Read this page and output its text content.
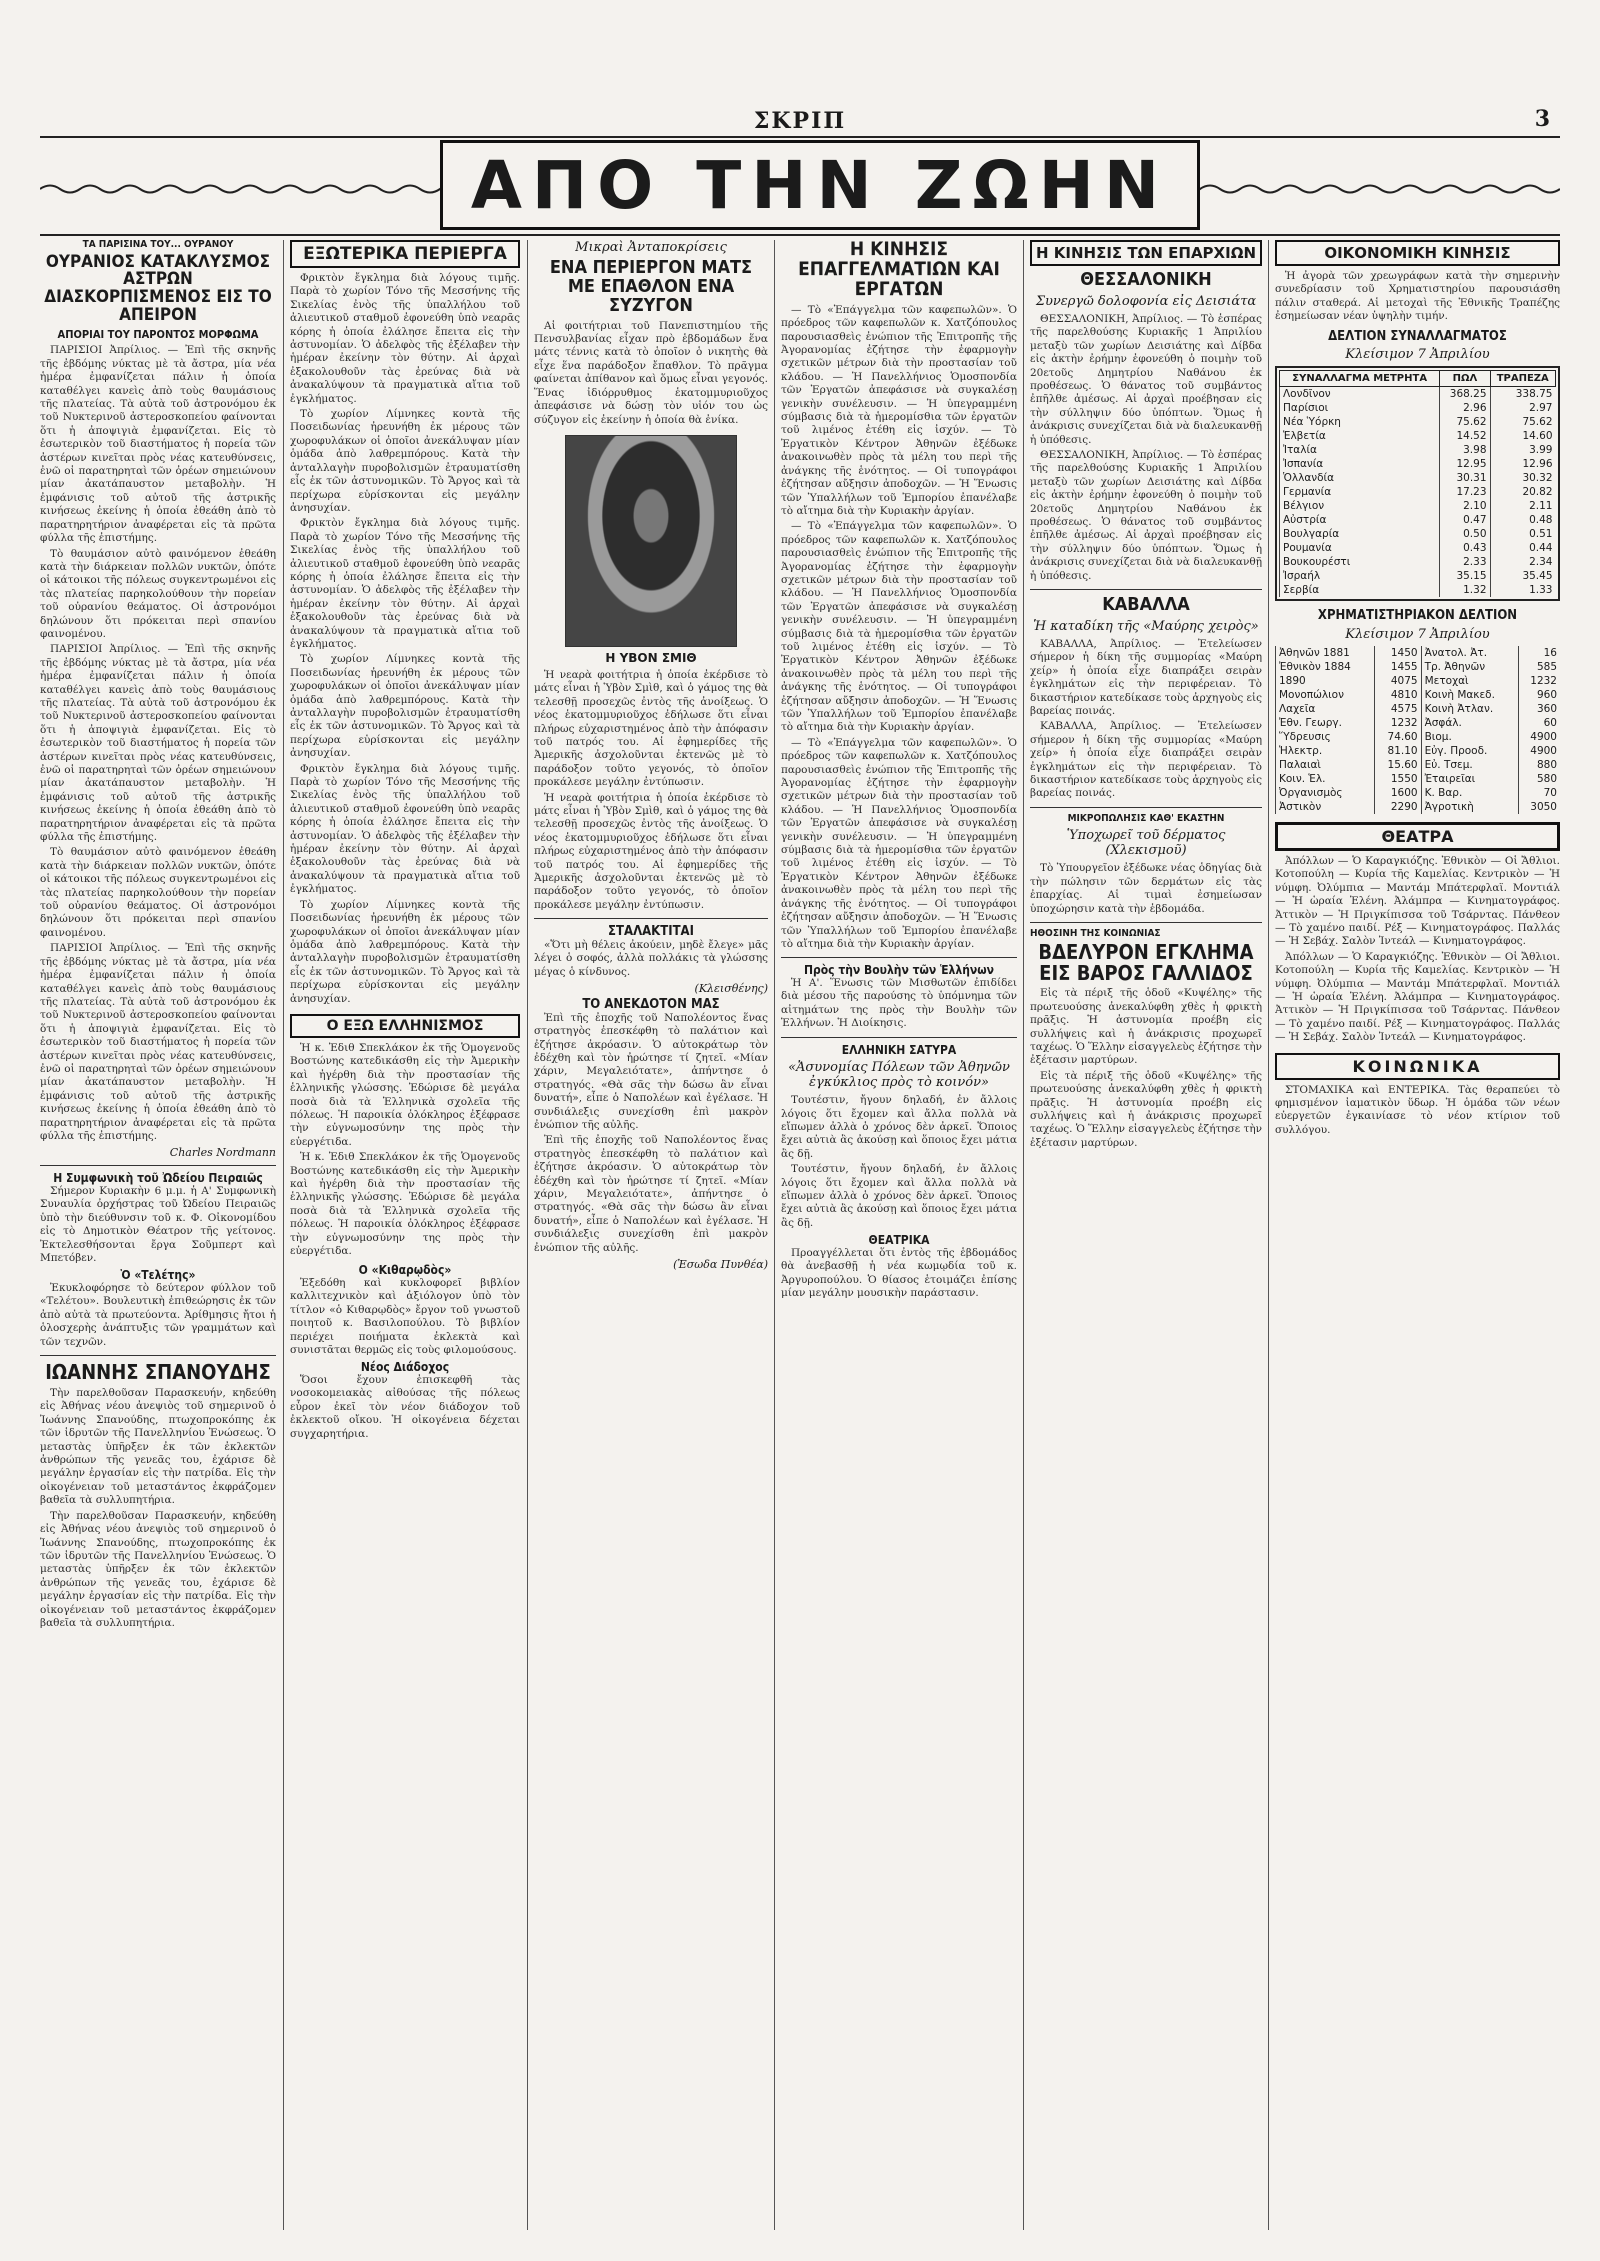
ΣΚΡΙΠ	3
ΑΠΟ ΤΗΝ ΖΩΗΝ
ΤΑ ΠΑΡΙΣΙΝΑ ΤΟΥ... ΟΥΡΑΝΟΥ
ΟΥΡΑΝΙΟΣ ΚΑΤΑΚΛΥΣΜΟΣ ΑΣΤΡΩΝ ΔΙΑΣΚΟΡΠΙΣΜΕΝΟΣ ΕΙΣ ΤΟ ΑΠΕΙΡΟΝ
ΑΠΟΡΙΑΙ ΤΟΥ ΠΑΡΟΝΤΟΣ ΜΟΡΦΩΜΑ

ΠΑΡΙΣΙΟΙ Ἀπρίλιος. — Ἐπὶ τῆς σκηνῆς τῆς ἐβδόμης νύκτας μὲ τὰ ἄστρα, μία νέα ἡμέρα ἐμφανίζεται πάλιν ἡ ὁποία καταθέλγει κανεὶς ἀπὸ τοὺς θαυμάσιους τῆς πλατείας. Τὰ αὐτὰ τοῦ ἀστρονόμου ἐκ τοῦ Νυκτερινοῦ ἀστεροσκοπείου φαίνονται ὅτι ἡ ἀποψιγιὰ ἐμφανίζεται. Εἰς τὸ ἐσωτερικὸν τοῦ διαστήματος ἡ πορεία τῶν ἀστέρων κινεῖται πρὸς νέας κατευθύνσεις, ἐνῶ οἱ παρατηρηταὶ τῶν ὀρέων σημειώνουν μίαν ἀκατάπαυστον μεταβολὴν. Ἡ ἐμφάνισις τοῦ αὐτοῦ τῆς ἁστρικῆς κινήσεως ἐκείνης ἡ ὁποία ἐθεάθη ἀπὸ τὸ παρατηρητήριον ἀναφέρεται εἰς τὰ πρῶτα φύλλα τῆς ἐπιστήμης.

Τὸ θαυμάσιον αὐτὸ φαινόμενον ἐθεάθη κατὰ τὴν διάρκειαν πολλῶν νυκτῶν, ὁπότε οἱ κάτοικοι τῆς πόλεως συγκεντρωμένοι εἰς τὰς πλατείας παρηκολούθουν τὴν πορείαν τοῦ οὐρανίου θεάματος. Οἱ ἀστρονόμοι δηλώνουν ὅτι πρόκειται περὶ σπανίου φαινομένου.

ΠΑΡΙΣΙΟΙ Ἀπρίλιος. — Ἐπὶ τῆς σκηνῆς τῆς ἐβδόμης νύκτας μὲ τὰ ἄστρα, μία νέα ἡμέρα ἐμφανίζεται πάλιν ἡ ὁποία καταθέλγει κανεὶς ἀπὸ τοὺς θαυμάσιους τῆς πλατείας. Τὰ αὐτὰ τοῦ ἀστρονόμου ἐκ τοῦ Νυκτερινοῦ ἀστεροσκοπείου φαίνονται ὅτι ἡ ἀποψιγιὰ ἐμφανίζεται. Εἰς τὸ ἐσωτερικὸν τοῦ διαστήματος ἡ πορεία τῶν ἀστέρων κινεῖται πρὸς νέας κατευθύνσεις, ἐνῶ οἱ παρατηρηταὶ τῶν ὀρέων σημειώνουν μίαν ἀκατάπαυστον μεταβολὴν. Ἡ ἐμφάνισις τοῦ αὐτοῦ τῆς ἁστρικῆς κινήσεως ἐκείνης ἡ ὁποία ἐθεάθη ἀπὸ τὸ παρατηρητήριον ἀναφέρεται εἰς τὰ πρῶτα φύλλα τῆς ἐπιστήμης.

Τὸ θαυμάσιον αὐτὸ φαινόμενον ἐθεάθη κατὰ τὴν διάρκειαν πολλῶν νυκτῶν, ὁπότε οἱ κάτοικοι τῆς πόλεως συγκεντρωμένοι εἰς τὰς πλατείας παρηκολούθουν τὴν πορείαν τοῦ οὐρανίου θεάματος. Οἱ ἀστρονόμοι δηλώνουν ὅτι πρόκειται περὶ σπανίου φαινομένου.

ΠΑΡΙΣΙΟΙ Ἀπρίλιος. — Ἐπὶ τῆς σκηνῆς τῆς ἐβδόμης νύκτας μὲ τὰ ἄστρα, μία νέα ἡμέρα ἐμφανίζεται πάλιν ἡ ὁποία καταθέλγει κανεὶς ἀπὸ τοὺς θαυμάσιους τῆς πλατείας. Τὰ αὐτὰ τοῦ ἀστρονόμου ἐκ τοῦ Νυκτερινοῦ ἀστεροσκοπείου φαίνονται ὅτι ἡ ἀποψιγιὰ ἐμφανίζεται. Εἰς τὸ ἐσωτερικὸν τοῦ διαστήματος ἡ πορεία τῶν ἀστέρων κινεῖται πρὸς νέας κατευθύνσεις, ἐνῶ οἱ παρατηρηταὶ τῶν ὀρέων σημειώνουν μίαν ἀκατάπαυστον μεταβολὴν. Ἡ ἐμφάνισις τοῦ αὐτοῦ τῆς ἁστρικῆς κινήσεως ἐκείνης ἡ ὁποία ἐθεάθη ἀπὸ τὸ παρατηρητήριον ἀναφέρεται εἰς τὰ πρῶτα φύλλα τῆς ἐπιστήμης.

Charles Nordmann
Η Συμφωνικὴ τοῦ Ὠδείου Πειραιῶς

Σήμερον Κυριακὴν 6 μ.μ. ἡ Α' Συμφωνικὴ Συναυλία ὀρχήστρας τοῦ Ὠδείου Πειραιῶς ὑπὸ τὴν διεύθυνσιν τοῦ κ. Φ. Οἰκονομίδου εἰς τὸ Δημοτικὸν Θέατρον τῆς γείτονος. Ἐκτελεσθήσονται ἔργα Σοῦμπερτ καὶ Μπετόβεν.

Ὁ «Τελέτης»

Ἐκυκλοφόρησε τὸ δεύτερον φύλλον τοῦ «Τελέτου». Βουλευτικὴ ἐπιθεώρησις ἐκ τῶν ἀπὸ αὐτὰ τὰ πρωτεύοντα. Ἀρίθμησις ἤτοι ἡ ὁλοσχερὴς ἀνάπτυξις τῶν γραμμάτων καὶ τῶν τεχνῶν.

ΙΩΑΝΝΗΣ ΣΠΑΝΟΥΔΗΣ

Τὴν παρελθοῦσαν Παρασκευήν, κηδεύθη εἰς Ἀθήνας νέου ἀνεψιὸς τοῦ σημερινοῦ ὁ Ἰωάννης Σπανούδης, πτωχοπροκόπης ἐκ τῶν ἱδρυτῶν τῆς Πανελληνίου Ἑνώσεως. Ὁ μεταστὰς ὑπῆρξεν ἐκ τῶν ἐκλεκτῶν ἀνθρώπων τῆς γενεᾶς του, ἐχάρισε δὲ μεγάλην ἐργασίαν εἰς τὴν πατρίδα. Εἰς τὴν οἰκογένειαν τοῦ μεταστάντος ἐκφράζομεν βαθεῖα τὰ συλλυπητήρια.

Τὴν παρελθοῦσαν Παρασκευήν, κηδεύθη εἰς Ἀθήνας νέου ἀνεψιὸς τοῦ σημερινοῦ ὁ Ἰωάννης Σπανούδης, πτωχοπροκόπης ἐκ τῶν ἱδρυτῶν τῆς Πανελληνίου Ἑνώσεως. Ὁ μεταστὰς ὑπῆρξεν ἐκ τῶν ἐκλεκτῶν ἀνθρώπων τῆς γενεᾶς του, ἐχάρισε δὲ μεγάλην ἐργασίαν εἰς τὴν πατρίδα. Εἰς τὴν οἰκογένειαν τοῦ μεταστάντος ἐκφράζομεν βαθεῖα τὰ συλλυπητήρια.

ΕΞΩΤΕΡΙΚΑ ΠΕΡΙΕΡΓΑ

Φρικτὸν ἔγκλημα διὰ λόγους τιμῆς. Παρὰ τὸ χωρίον Τόνο τῆς Μεσσήνης τῆς Σικελίας ἐνὸς τῆς ὑπαλλήλου τοῦ ἀλιευτικοῦ σταθμοῦ ἐφονεύθη ὑπὸ νεαρᾶς κόρης ἡ ὁποία ἐλάλησε ἔπειτα εἰς τὴν ἀστυνομίαν. Ὁ ἀδελφὸς τῆς ἐξέλαβεν τὴν ἡμέραν ἐκείνην τὸν θύτην. Αἱ ἀρχαὶ ἐξακολουθοῦν τὰς ἐρεύνας διὰ νὰ ἀνακαλύψουν τὰ πραγματικὰ αἴτια τοῦ ἐγκλήματος.

Τὸ χωρίον Λίμνηκες κοντὰ τῆς Ποσειδωνίας ἠρευνήθη ἐκ μέρους τῶν χωροφυλάκων οἱ ὁποῖοι ἀνεκάλυψαν μίαν ὁμάδα ἀπὸ λαθρεμπόρους. Κατὰ τὴν ἀνταλλαγὴν πυροβολισμῶν ἐτραυματίσθη εἷς ἐκ τῶν ἀστυνομικῶν. Τὸ Ἄργος καὶ τὰ περίχωρα εὑρίσκονται εἰς μεγάλην ἀνησυχίαν.

Φρικτὸν ἔγκλημα διὰ λόγους τιμῆς. Παρὰ τὸ χωρίον Τόνο τῆς Μεσσήνης τῆς Σικελίας ἐνὸς τῆς ὑπαλλήλου τοῦ ἀλιευτικοῦ σταθμοῦ ἐφονεύθη ὑπὸ νεαρᾶς κόρης ἡ ὁποία ἐλάλησε ἔπειτα εἰς τὴν ἀστυνομίαν. Ὁ ἀδελφὸς τῆς ἐξέλαβεν τὴν ἡμέραν ἐκείνην τὸν θύτην. Αἱ ἀρχαὶ ἐξακολουθοῦν τὰς ἐρεύνας διὰ νὰ ἀνακαλύψουν τὰ πραγματικὰ αἴτια τοῦ ἐγκλήματος.

Τὸ χωρίον Λίμνηκες κοντὰ τῆς Ποσειδωνίας ἠρευνήθη ἐκ μέρους τῶν χωροφυλάκων οἱ ὁποῖοι ἀνεκάλυψαν μίαν ὁμάδα ἀπὸ λαθρεμπόρους. Κατὰ τὴν ἀνταλλαγὴν πυροβολισμῶν ἐτραυματίσθη εἷς ἐκ τῶν ἀστυνομικῶν. Τὸ Ἄργος καὶ τὰ περίχωρα εὑρίσκονται εἰς μεγάλην ἀνησυχίαν.

Φρικτὸν ἔγκλημα διὰ λόγους τιμῆς. Παρὰ τὸ χωρίον Τόνο τῆς Μεσσήνης τῆς Σικελίας ἐνὸς τῆς ὑπαλλήλου τοῦ ἀλιευτικοῦ σταθμοῦ ἐφονεύθη ὑπὸ νεαρᾶς κόρης ἡ ὁποία ἐλάλησε ἔπειτα εἰς τὴν ἀστυνομίαν. Ὁ ἀδελφὸς τῆς ἐξέλαβεν τὴν ἡμέραν ἐκείνην τὸν θύτην. Αἱ ἀρχαὶ ἐξακολουθοῦν τὰς ἐρεύνας διὰ νὰ ἀνακαλύψουν τὰ πραγματικὰ αἴτια τοῦ ἐγκλήματος.

Τὸ χωρίον Λίμνηκες κοντὰ τῆς Ποσειδωνίας ἠρευνήθη ἐκ μέρους τῶν χωροφυλάκων οἱ ὁποῖοι ἀνεκάλυψαν μίαν ὁμάδα ἀπὸ λαθρεμπόρους. Κατὰ τὴν ἀνταλλαγὴν πυροβολισμῶν ἐτραυματίσθη εἷς ἐκ τῶν ἀστυνομικῶν. Τὸ Ἄργος καὶ τὰ περίχωρα εὑρίσκονται εἰς μεγάλην ἀνησυχίαν.

Ο ΕΞΩ ΕΛΛΗΝΙΣΜΟΣ

Ἡ κ. Ἐδιθ Σπεκλάκον ἐκ τῆς Ὁμογενοῦς Βοστώνης κατεδικάσθη εἰς τὴν Ἀμερικὴν καὶ ἠγέρθη διὰ τὴν προστασίαν τῆς ἑλληνικῆς γλώσσης. Ἐδώρισε δὲ μεγάλα ποσὰ διὰ τὰ Ἑλληνικὰ σχολεῖα τῆς πόλεως. Ἡ παροικία ὁλόκληρος ἐξέφρασε τὴν εὐγνωμοσύνην της πρὸς τὴν εὐεργέτιδα.

Ἡ κ. Ἐδιθ Σπεκλάκον ἐκ τῆς Ὁμογενοῦς Βοστώνης κατεδικάσθη εἰς τὴν Ἀμερικὴν καὶ ἠγέρθη διὰ τὴν προστασίαν τῆς ἑλληνικῆς γλώσσης. Ἐδώρισε δὲ μεγάλα ποσὰ διὰ τὰ Ἑλληνικὰ σχολεῖα τῆς πόλεως. Ἡ παροικία ὁλόκληρος ἐξέφρασε τὴν εὐγνωμοσύνην της πρὸς τὴν εὐεργέτιδα.

Ο «Κιθαρῳδὸς»

Ἐξεδόθη καὶ κυκλοφορεῖ βιβλίον καλλιτεχνικὸν καὶ ἀξιόλογον ὑπὸ τὸν τίτλον «ὁ Κιθαρῳδὸς» ἔργον τοῦ γνωστοῦ ποιητοῦ κ. Βασιλοπούλου. Τὸ βιβλίον περιέχει ποιήματα ἐκλεκτὰ καὶ συνιστᾶται θερμῶς εἰς τοὺς φιλομούσους.

Νέος Διάδοχος

Ὅσοι ἔχουν ἐπισκεφθῆ τὰς νοσοκομειακὰς αἰθούσας τῆς πόλεως εὗρον ἐκεῖ τὸν νέον διάδοχον τοῦ ἐκλεκτοῦ οἴκου. Ἡ οἰκογένεια δέχεται συγχαρητήρια.

Μικραὶ Ἀνταποκρίσεις
ΕΝΑ ΠΕΡΙΕΡΓΟΝ ΜΑΤΣ ΜΕ ΕΠΑΘΛΟΝ ΕΝΑ ΣΥΖΥΓΟΝ

Αἱ φοιτήτριαι τοῦ Πανεπιστημίου τῆς Πενσυλβανίας εἶχαν πρὸ ἑβδομάδων ἕνα μάτς τέννις κατὰ τὸ ὁποῖον ὁ νικητὴς θὰ εἶχε ἕνα παράδοξον ἔπαθλον. Τὸ πρᾶγμα φαίνεται ἀπίθανον καὶ ὅμως εἶναι γεγονός. Ἕνας ἰδιόρρυθμος ἑκατομμυριοῦχος ἀπεφάσισε νὰ δώσῃ τὸν υἱόν του ὡς σύζυγον εἰς ἐκείνην ἡ ὁποία θὰ ἐνίκα.

Η ΥΒΟΝ ΣΜΙΘ

Ἡ νεαρὰ φοιτήτρια ἡ ὁποία ἐκέρδισε τὸ μάτς εἶναι ἡ Ὑβὸν Σμὶθ, καὶ ὁ γάμος της θὰ τελεσθῇ προσεχῶς ἐντὸς τῆς ἀνοίξεως. Ὁ νέος ἑκατομμυριοῦχος ἐδήλωσε ὅτι εἶναι πλήρως εὐχαριστημένος ἀπὸ τὴν ἀπόφασιν τοῦ πατρός του. Αἱ ἐφημερίδες τῆς Ἀμερικῆς ἀσχολοῦνται ἐκτενῶς μὲ τὸ παράδοξον τοῦτο γεγονός, τὸ ὁποῖον προκάλεσε μεγάλην ἐντύπωσιν.

Ἡ νεαρὰ φοιτήτρια ἡ ὁποία ἐκέρδισε τὸ μάτς εἶναι ἡ Ὑβὸν Σμὶθ, καὶ ὁ γάμος της θὰ τελεσθῇ προσεχῶς ἐντὸς τῆς ἀνοίξεως. Ὁ νέος ἑκατομμυριοῦχος ἐδήλωσε ὅτι εἶναι πλήρως εὐχαριστημένος ἀπὸ τὴν ἀπόφασιν τοῦ πατρός του. Αἱ ἐφημερίδες τῆς Ἀμερικῆς ἀσχολοῦνται ἐκτενῶς μὲ τὸ παράδοξον τοῦτο γεγονός, τὸ ὁποῖον προκάλεσε μεγάλην ἐντύπωσιν.

ΣΤΑΛΑΚΤΙΤΑΙ

«Ὅτι μὴ θέλεις ἀκούειν, μηδὲ ἔλεγε» μᾶς λέγει ὁ σοφός, ἀλλὰ πολλάκις τὰ γλώσσης μέγας ὁ κίνδυνος.

(Κλεισθένης)
ΤΟ ΑΝΕΚΔΟΤΟΝ ΜΑΣ

Ἐπὶ τῆς ἐποχῆς τοῦ Ναπολέοντος ἕνας στρατηγὸς ἐπεσκέφθη τὸ παλάτιον καὶ ἐζήτησε ἀκρόασιν. Ὁ αὐτοκράτωρ τὸν ἐδέχθη καὶ τὸν ἠρώτησε τί ζητεῖ. «Μίαν χάριν, Μεγαλειότατε», ἀπήντησε ὁ στρατηγός. «Θὰ σᾶς τὴν δώσω ἂν εἶναι δυνατή», εἶπε ὁ Ναπολέων καὶ ἐγέλασε. Ἡ συνδιάλεξις συνεχίσθη ἐπὶ μακρὸν ἐνώπιον τῆς αὐλῆς.

Ἐπὶ τῆς ἐποχῆς τοῦ Ναπολέοντος ἕνας στρατηγὸς ἐπεσκέφθη τὸ παλάτιον καὶ ἐζήτησε ἀκρόασιν. Ὁ αὐτοκράτωρ τὸν ἐδέχθη καὶ τὸν ἠρώτησε τί ζητεῖ. «Μίαν χάριν, Μεγαλειότατε», ἀπήντησε ὁ στρατηγός. «Θὰ σᾶς τὴν δώσω ἂν εἶναι δυνατή», εἶπε ὁ Ναπολέων καὶ ἐγέλασε. Ἡ συνδιάλεξις συνεχίσθη ἐπὶ μακρὸν ἐνώπιον τῆς αὐλῆς.

(Ἐσωδα Πυνθέα)
Η ΚΙΝΗΣΙΣ ΕΠΑΓΓΕΛΜΑΤΙΩΝ ΚΑΙ ΕΡΓΑΤΩΝ

— Τὸ «Ἐπάγγελμα τῶν καφεπωλῶν». Ὁ πρόεδρος τῶν καφεπωλῶν κ. Χατζόπουλος παρουσιασθεὶς ἐνώπιον τῆς Ἐπιτροπῆς τῆς Ἀγορανομίας ἐζήτησε τὴν ἐφαρμογὴν σχετικῶν μέτρων διὰ τὴν προστασίαν τοῦ κλάδου. — Ἡ Πανελλήνιος Ὁμοσπονδία τῶν Ἐργατῶν ἀπεφάσισε νὰ συγκαλέσῃ γενικὴν συνέλευσιν. — Ἡ ὑπεγραμμένη σύμβασις διὰ τὰ ἡμερομίσθια τῶν ἐργατῶν τοῦ λιμένος ἐτέθη εἰς ἰσχύν. — Τὸ Ἐργατικὸν Κέντρον Ἀθηνῶν ἐξέδωκε ἀνακοινωθὲν πρὸς τὰ μέλη του περὶ τῆς ἀνάγκης τῆς ἑνότητος. — Οἱ τυπογράφοι ἐζήτησαν αὔξησιν ἀποδοχῶν. — Ἡ Ἕνωσις τῶν Ὑπαλλήλων τοῦ Ἐμπορίου ἐπανέλαβε τὸ αἴτημα διὰ τὴν Κυριακὴν ἀργίαν.

— Τὸ «Ἐπάγγελμα τῶν καφεπωλῶν». Ὁ πρόεδρος τῶν καφεπωλῶν κ. Χατζόπουλος παρουσιασθεὶς ἐνώπιον τῆς Ἐπιτροπῆς τῆς Ἀγορανομίας ἐζήτησε τὴν ἐφαρμογὴν σχετικῶν μέτρων διὰ τὴν προστασίαν τοῦ κλάδου. — Ἡ Πανελλήνιος Ὁμοσπονδία τῶν Ἐργατῶν ἀπεφάσισε νὰ συγκαλέσῃ γενικὴν συνέλευσιν. — Ἡ ὑπεγραμμένη σύμβασις διὰ τὰ ἡμερομίσθια τῶν ἐργατῶν τοῦ λιμένος ἐτέθη εἰς ἰσχύν. — Τὸ Ἐργατικὸν Κέντρον Ἀθηνῶν ἐξέδωκε ἀνακοινωθὲν πρὸς τὰ μέλη του περὶ τῆς ἀνάγκης τῆς ἑνότητος. — Οἱ τυπογράφοι ἐζήτησαν αὔξησιν ἀποδοχῶν. — Ἡ Ἕνωσις τῶν Ὑπαλλήλων τοῦ Ἐμπορίου ἐπανέλαβε τὸ αἴτημα διὰ τὴν Κυριακὴν ἀργίαν.

— Τὸ «Ἐπάγγελμα τῶν καφεπωλῶν». Ὁ πρόεδρος τῶν καφεπωλῶν κ. Χατζόπουλος παρουσιασθεὶς ἐνώπιον τῆς Ἐπιτροπῆς τῆς Ἀγορανομίας ἐζήτησε τὴν ἐφαρμογὴν σχετικῶν μέτρων διὰ τὴν προστασίαν τοῦ κλάδου. — Ἡ Πανελλήνιος Ὁμοσπονδία τῶν Ἐργατῶν ἀπεφάσισε νὰ συγκαλέσῃ γενικὴν συνέλευσιν. — Ἡ ὑπεγραμμένη σύμβασις διὰ τὰ ἡμερομίσθια τῶν ἐργατῶν τοῦ λιμένος ἐτέθη εἰς ἰσχύν. — Τὸ Ἐργατικὸν Κέντρον Ἀθηνῶν ἐξέδωκε ἀνακοινωθὲν πρὸς τὰ μέλη του περὶ τῆς ἀνάγκης τῆς ἑνότητος. — Οἱ τυπογράφοι ἐζήτησαν αὔξησιν ἀποδοχῶν. — Ἡ Ἕνωσις τῶν Ὑπαλλήλων τοῦ Ἐμπορίου ἐπανέλαβε τὸ αἴτημα διὰ τὴν Κυριακὴν ἀργίαν.

Πρὸς τὴν Βουλὴν τῶν Ἑλλήνων

Ἡ Α'. Ἕνωσις τῶν Μισθωτῶν ἐπιδίδει διὰ μέσου τῆς παρούσης τὸ ὑπόμνημα τῶν αἰτημάτων της πρὸς τὴν Βουλὴν τῶν Ἑλλήνων. Ἡ Διοίκησις.

ΕΛΛΗΝΙΚΗ ΣΑΤΥΡΑ
«Ἀσυνομίας Πόλεων τῶν Ἀθηνῶν ἐγκύκλιος πρὸς τὸ κοινόν»

Τουτέστιν, ἤγουν δηλαδή, ἐν ἄλλοις λόγοις ὅτι ἔχομεν καὶ ἄλλα πολλὰ νὰ εἴπωμεν ἀλλὰ ὁ χρόνος δὲν ἀρκεῖ. Ὅποιος ἔχει αὐτιὰ ἂς ἀκούσῃ καὶ ὅποιος ἔχει μάτια ἂς δῇ.

Τουτέστιν, ἤγουν δηλαδή, ἐν ἄλλοις λόγοις ὅτι ἔχομεν καὶ ἄλλα πολλὰ νὰ εἴπωμεν ἀλλὰ ὁ χρόνος δὲν ἀρκεῖ. Ὅποιος ἔχει αὐτιὰ ἂς ἀκούσῃ καὶ ὅποιος ἔχει μάτια ἂς δῇ.

ΘΕΑΤΡΙΚΑ

Προαγγέλλεται ὅτι ἐντὸς τῆς ἑβδομάδος θὰ ἀνεβασθῇ ἡ νέα κωμῳδία τοῦ κ. Ἀργυροπούλου. Ὁ θίασος ἑτοιμάζει ἐπίσης μίαν μεγάλην μουσικὴν παράστασιν.

Η ΚΙΝΗΣΙΣ ΤΩΝ ΕΠΑΡΧΙΩΝ
ΘΕΣΣΑΛΟΝΙΚΗ
Συνεργῶ δολοφονία εἰς Δεισιάτα

ΘΕΣΣΑΛΟΝΙΚΗ, Ἀπρίλιος. — Τὸ ἑσπέρας τῆς παρελθούσης Κυριακῆς 1 Ἀπριλίου μεταξὺ τῶν χωρίων Δεισιάτης καὶ Δίβδα εἰς ἀκτὴν ἐρήμην ἐφονεύθη ὁ ποιμὴν τοῦ 20ετοῦς Δημητρίου Ναθάνου ἐκ προθέσεως. Ὁ θάνατος τοῦ συμβάντος ἐπῆλθε ἀμέσως. Αἱ ἀρχαὶ προέβησαν εἰς τὴν σύλληψιν δύο ὑπόπτων. Ὅμως ἡ ἀνάκρισις συνεχίζεται διὰ νὰ διαλευκανθῇ ἡ ὑπόθεσις.

ΘΕΣΣΑΛΟΝΙΚΗ, Ἀπρίλιος. — Τὸ ἑσπέρας τῆς παρελθούσης Κυριακῆς 1 Ἀπριλίου μεταξὺ τῶν χωρίων Δεισιάτης καὶ Δίβδα εἰς ἀκτὴν ἐρήμην ἐφονεύθη ὁ ποιμὴν τοῦ 20ετοῦς Δημητρίου Ναθάνου ἐκ προθέσεως. Ὁ θάνατος τοῦ συμβάντος ἐπῆλθε ἀμέσως. Αἱ ἀρχαὶ προέβησαν εἰς τὴν σύλληψιν δύο ὑπόπτων. Ὅμως ἡ ἀνάκρισις συνεχίζεται διὰ νὰ διαλευκανθῇ ἡ ὑπόθεσις.

ΚΑΒΑΛΛΑ
Ἡ καταδίκη τῆς «Μαύρης χειρὸς»

ΚΑΒΑΛΛΑ, Ἀπρίλιος. — Ἐτελείωσεν σήμερον ἡ δίκη τῆς συμμορίας «Μαύρη χείρ» ἡ ὁποία εἶχε διαπράξει σειρὰν ἐγκλημάτων εἰς τὴν περιφέρειαν. Τὸ δικαστήριον κατεδίκασε τοὺς ἀρχηγοὺς εἰς βαρείας ποινάς.

ΚΑΒΑΛΛΑ, Ἀπρίλιος. — Ἐτελείωσεν σήμερον ἡ δίκη τῆς συμμορίας «Μαύρη χείρ» ἡ ὁποία εἶχε διαπράξει σειρὰν ἐγκλημάτων εἰς τὴν περιφέρειαν. Τὸ δικαστήριον κατεδίκασε τοὺς ἀρχηγοὺς εἰς βαρείας ποινάς.

ΜΙΚΡΟΠΩΛΗΣΙΣ ΚΑΘ' ΕΚΑΣΤΗΝ
Ὑποχωρεῖ τοῦ δέρματος (Χλεκισμοῦ)

Τὸ Ὑπουργεῖον ἐξέδωκε νέας ὁδηγίας διὰ τὴν πώλησιν τῶν δερμάτων εἰς τὰς ἐπαρχίας. Αἱ τιμαὶ ἐσημείωσαν ὑποχώρησιν κατὰ τὴν ἑβδομάδα.

ΗΘΟΣΙΝΗ ΤΗΣ ΚΟΙΝΩΝΙΑΣ
ΒΔΕΛΥΡΟΝ ΕΓΚΛΗΜΑ ΕΙΣ ΒΑΡΟΣ ΓΑΛΛΙΔΟΣ

Εἰς τὰ πέριξ τῆς ὁδοῦ «Κυψέλης» τῆς πρωτευούσης ἀνεκαλύφθη χθὲς ἡ φρικτὴ πρᾶξις. Ἡ ἀστυνομία προέβη εἰς συλλήψεις καὶ ἡ ἀνάκρισις προχωρεῖ ταχέως. Ὁ Ἕλλην εἰσαγγελεὺς ἐζήτησε τὴν ἐξέτασιν μαρτύρων.

Εἰς τὰ πέριξ τῆς ὁδοῦ «Κυψέλης» τῆς πρωτευούσης ἀνεκαλύφθη χθὲς ἡ φρικτὴ πρᾶξις. Ἡ ἀστυνομία προέβη εἰς συλλήψεις καὶ ἡ ἀνάκρισις προχωρεῖ ταχέως. Ὁ Ἕλλην εἰσαγγελεὺς ἐζήτησε τὴν ἐξέτασιν μαρτύρων.

ΟΙΚΟΝΟΜΙΚΗ ΚΙΝΗΣΙΣ

Ἡ ἀγορὰ τῶν χρεωγράφων κατὰ τὴν σημερινὴν συνεδρίασιν τοῦ Χρηματιστηρίου παρουσιάσθη πάλιν σταθερά. Αἱ μετοχαὶ τῆς Ἐθνικῆς Τραπέζης ἐσημείωσαν νέαν ὑψηλὴν τιμήν.

ΔΕΛΤΙΟΝ ΣΥΝΑΛΛΑΓΜΑΤΟΣ
Κλείσιμον 7 Ἀπριλίου
ΣΥΝΑΛΛΑΓΜΑ ΜΕΤΡΗΤΑ	ΠΩΛ	ΤΡΑΠΕΖΑ
Λονδῖνον	368.25	338.75
Παρίσιοι	2.96	2.97
Νέα Ὑόρκη	75.62	75.62
Ἑλβετία	14.52	14.60
Ἰταλία	3.98	3.99
Ἰσπανία	12.95	12.96
Ὁλλανδία	30.31	30.32
Γερμανία	17.23	20.82
Βέλγιον	2.10	2.11
Αὐστρία	0.47	0.48
Βουλγαρία	0.50	0.51
Ρουμανία	0.43	0.44
Βουκουρέστι	2.33	2.34
Ἰσραήλ	35.15	35.45
Σερβία	1.32	1.33
ΧΡΗΜΑΤΙΣΤΗΡΙΑΚΟΝ ΔΕΛΤΙΟΝ
Κλείσιμον 7 Ἀπριλίου
Ἀθηνῶν 1881	1450	Ἀνατολ. Ἀτ.	16
Ἐθνικὸν 1884	1455	Τρ. Ἀθηνῶν	585
1890	4075	Μετοχαὶ	1232
Μονοπώλιον	4810	Κοινὴ Μακεδ.	960
Λαχεῖα	4575	Κοινὴ Ἀτλαν.	360
Ἐθν. Γεωργ.	1232	Ἀσφάλ.	60
Ὕδρευσις	74.60	Βιομ.	4900
Ἡλεκτρ.	81.10	Εὐγ. Προοδ.	4900
Παλαιαὶ	15.60	Εὐ. Τσεμ.	880
Κοιν. Ἑλ.	1550	Ἐταιρεῖαι	580
Ὀργανισμὸς	1600	Κ. Βαρ.	70
Ἀστικὸν	2290	Ἀγροτικὴ	3050
ΘΕΑΤΡΑ

Ἀπόλλων — Ὁ Καραγκιόζης. Ἐθνικὸν — Οἱ Ἄθλιοι. Κοτοπούλη — Κυρία τῆς Καμελίας. Κεντρικὸν — Ἡ νύμφη. Ὀλύμπια — Μαντάμ Μπάτερφλαϊ. Μοντιάλ — Ἡ ὡραία Ἑλένη. Ἀλάμπρα — Κινηματογράφος. Ἀττικὸν — Ἡ Πριγκίπισσα τοῦ Τσάρντας. Πάνθεον — Τὸ χαμένο παιδί. Ρέξ — Κινηματογράφος. Παλλάς — Ἡ Σεβάχ. Σαλὸν Ἰντεάλ — Κινηματογράφος.

Ἀπόλλων — Ὁ Καραγκιόζης. Ἐθνικὸν — Οἱ Ἄθλιοι. Κοτοπούλη — Κυρία τῆς Καμελίας. Κεντρικὸν — Ἡ νύμφη. Ὀλύμπια — Μαντάμ Μπάτερφλαϊ. Μοντιάλ — Ἡ ὡραία Ἑλένη. Ἀλάμπρα — Κινηματογράφος. Ἀττικὸν — Ἡ Πριγκίπισσα τοῦ Τσάρντας. Πάνθεον — Τὸ χαμένο παιδί. Ρέξ — Κινηματογράφος. Παλλάς — Ἡ Σεβάχ. Σαλὸν Ἰντεάλ — Κινηματογράφος.

ΚΟΙΝΩΝΙΚΑ

ΣΤΟΜΑΧΙΚΑ καὶ ΕΝΤΕΡΙΚΑ. Τὰς θεραπεύει τὸ φημισμένον ἰαματικὸν ὕδωρ. Ἡ ὁμάδα τῶν νέων εὐεργετῶν ἐγκαινίασε τὸ νέον κτίριον τοῦ συλλόγου.
